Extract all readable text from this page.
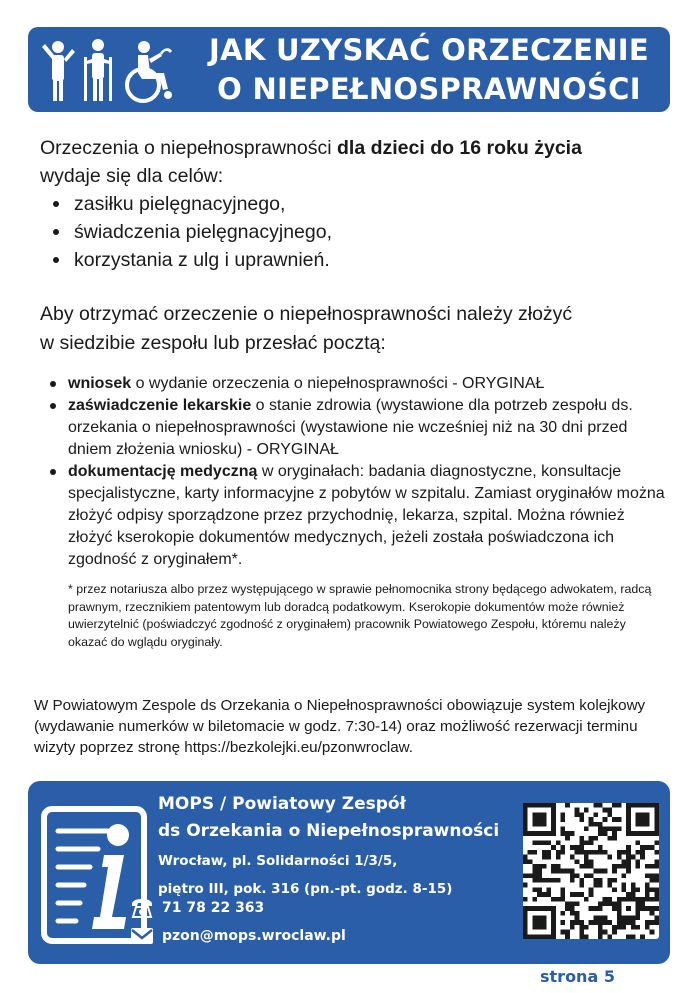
JAK UZYSKAĆ ORZECZENIE
O NIEPEŁNOSPRAWNOŚCI

Orzeczenia o niepełnosprawności dla dzieci do 16 roku życia
wydaje się dla celów:

zasiłku pielęgnacyjnego,
świadczenia pielęgnacyjnego,
korzystania z ulg i uprawnień.
Aby otrzymać orzeczenie o niepełnosprawności należy złożyć
w siedzibie zespołu lub przesłać pocztą:
wniosek o wydanie orzeczenia o niepełnosprawności - ORYGINAŁ
zaświadczenie lekarskie o stanie zdrowia (wystawione dla potrzeb zespołu ds. orzekania o niepełnosprawności (wystawione nie wcześniej niż na 30 dni przed dniem złożenia wniosku) - ORYGINAŁ
dokumentację medyczną w oryginałach: badania diagnostyczne, konsultacje specjalistyczne, karty informacyjne z pobytów w szpitalu. Zamiast oryginałów można złożyć odpisy sporządzone przez przychodnię, lekarza, szpital. Można również złożyć kserokopie dokumentów medycznych, jeżeli została poświadczona ich zgodność z oryginałem*.

* przez notariusza albo przez występującego w sprawie pełnomocnika strony będącego adwokatem, radcą prawnym, rzecznikiem patentowym lub doradcą podatkowym. Kserokopie dokumentów może również uwierzytelnić (poświadczyć zgodność z oryginałem) pracownik Powiatowego Zespołu, któremu należy okazać do wglądu oryginały.

W Powiatowym Zespole ds Orzekania o Niepełnosprawności obowiązuje system kolejkowy (wydawanie numerków w biletomacie w godz. 7:30-14) oraz możliwość rezerwacji terminu wizyty poprzez stronę https://bezkolejki.eu/pzonwroclaw.

MOPS / Powiatowy Zespół
ds Orzekania o Niepełnosprawności
Wrocław, pl. Solidarności 1/3/5,
piętro III, pok. 316 (pn.-pt. godz. 8-15)
71 78 22 363
pzon@mops.wroclaw.pl
strona 5
